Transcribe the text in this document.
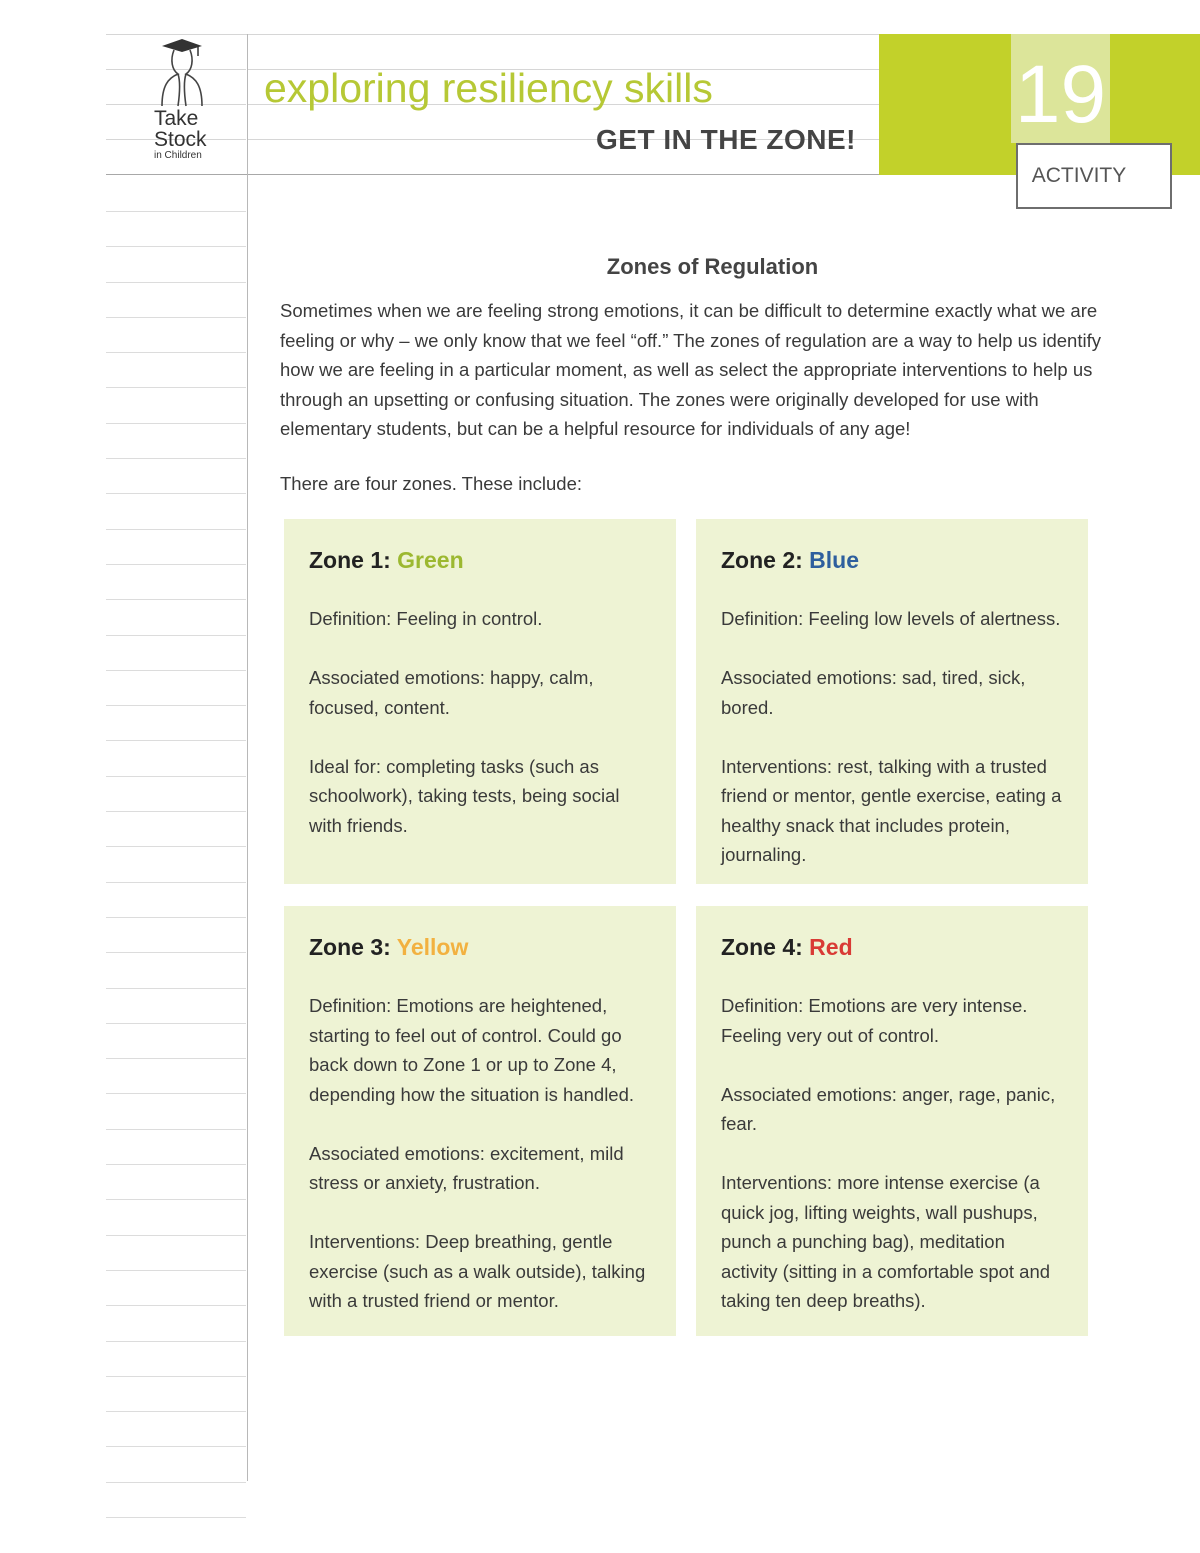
Take
Stock
in Children
exploring resiliency skills
GET IN THE ZONE! 19
ACTIVITY
Zones of Regulation

Sometimes when we are feeling strong emotions, it can be difficult to determine exactly what we are feeling or why – we only know that we feel “off.” The zones of regulation are a way to help us identify how we are feeling in a particular moment, as well as select the appropriate interventions to help us through an upsetting or confusing situation. The zones were originally developed for use with elementary students, but can be a helpful resource for individuals of any age!

There are four zones. These include:

Zone 1: Green

Definition: Feeling in control.

Associated emotions: happy, calm, focused, content.

Ideal for: completing tasks (such as schoolwork), taking tests, being social with friends.

Zone 2: Blue

Definition: Feeling low levels of alertness.

Associated emotions: sad, tired, sick, bored.

Interventions: rest, talking with a trusted friend or mentor, gentle exercise, eating a healthy snack that includes protein, journaling.

Zone 3: Yellow

Definition: Emotions are heightened, starting to feel out of control. Could go back down to Zone 1 or up to Zone 4, depending how the situation is handled.

Associated emotions: excitement, mild stress or anxiety, frustration.

Interventions: Deep breathing, gentle exercise (such as a walk outside), talking with a trusted friend or mentor.

Zone 4: Red

Definition: Emotions are very intense. Feeling very out of control.

Associated emotions: anger, rage, panic, fear.

Interventions: more intense exercise (a quick jog, lifting weights, wall pushups, punch a punching bag), meditation activity (sitting in a comfortable spot and taking ten deep breaths).
